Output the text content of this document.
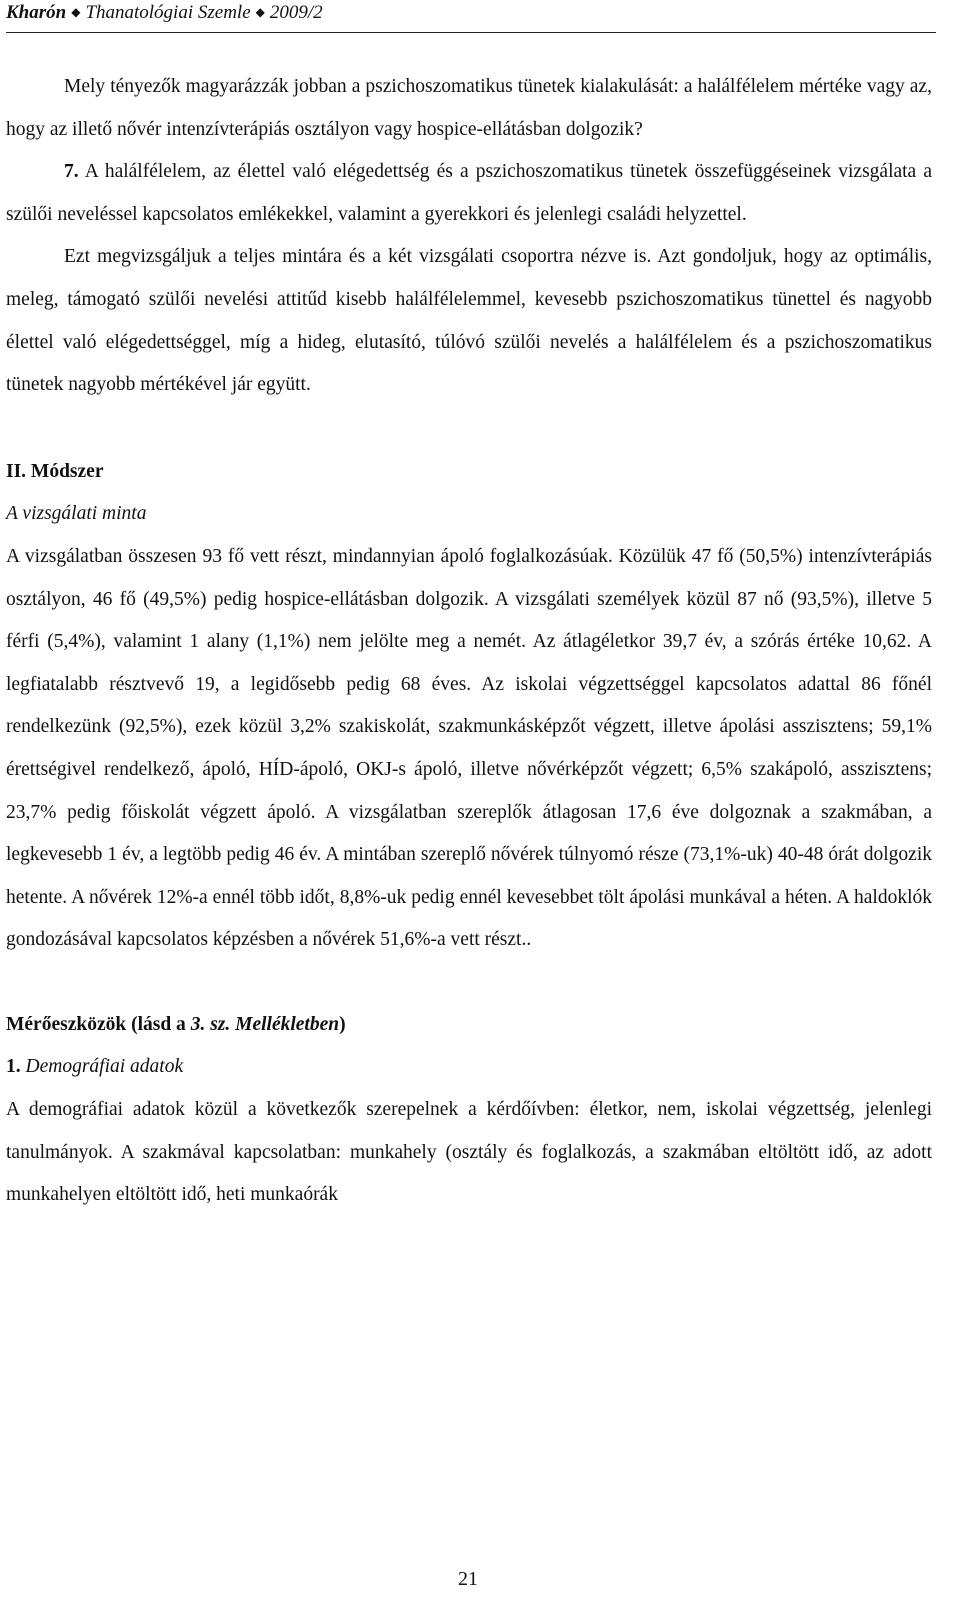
Kharón ◆ Thanatológiai Szemle ◆ 2009/2

Mely tényezők magyarázzák jobban a pszichoszomatikus tünetek kialakulását: a halálfélelem mértéke vagy az, hogy az illető nővér intenzívterápiás osztályon vagy hospice-ellátásban dolgozik?

7. A halálfélelem, az élettel való elégedettség és a pszichoszomatikus tünetek összefüggéseinek vizsgálata a szülői neveléssel kapcsolatos emlékekkel, valamint a gyerekkori és jelenlegi családi helyzettel.

Ezt megvizsgáljuk a teljes mintára és a két vizsgálati csoportra nézve is. Azt gondoljuk, hogy az optimális, meleg, támogató szülői nevelési attitűd kisebb halálfélelemmel, kevesebb pszichoszomatikus tünettel és nagyobb élettel való elégedettséggel, míg a hideg, elutasító, túlóvó szülői nevelés a halálfélelem és a pszichoszomatikus tünetek nagyobb mértékével jár együtt.

II. Módszer

A vizsgálati minta

A vizsgálatban összesen 93 fő vett részt, mindannyian ápoló foglalkozásúak. Közülük 47 fő (50,5%) intenzívterápiás osztályon, 46 fő (49,5%) pedig hospice-ellátásban dolgozik. A vizsgálati személyek közül 87 nő (93,5%), illetve 5 férfi (5,4%), valamint 1 alany (1,1%) nem jelölte meg a nemét. Az átlagéletkor 39,7 év, a szórás értéke 10,62. A legfiatalabb résztvevő 19, a legidősebb pedig 68 éves. Az iskolai végzettséggel kapcsolatos adattal 86 főnél rendelkezünk (92,5%), ezek közül 3,2% szakiskolát, szakmunkásképzőt végzett, illetve ápolási asszisztens; 59,1% érettségivel rendelkező, ápoló, HÍD-ápoló, OKJ-s ápoló, illetve nővérképzőt végzett; 6,5% szakápoló, asszisztens; 23,7% pedig főiskolát végzett ápoló. A vizsgálatban szereplők átlagosan 17,6 éve dolgoznak a szakmában, a legkevesebb 1 év, a legtöbb pedig 46 év. A mintában szereplő nővérek túlnyomó része (73,1%-uk) 40-48 órát dolgozik hetente. A nővérek 12%-a ennél több időt, 8,8%-uk pedig ennél kevesebbet tölt ápolási munkával a héten. A haldoklók gondozásával kapcsolatos képzésben a nővérek 51,6%-a vett részt..

Mérőeszközök (lásd a 3. sz. Mellékletben)

1. Demográfiai adatok

A demográfiai adatok közül a következők szerepelnek a kérdőívben: életkor, nem, iskolai végzettség, jelenlegi tanulmányok. A szakmával kapcsolatban: munkahely (osztály és foglalkozás, a szakmában eltöltött idő, az adott munkahelyen eltöltött idő, heti munkaórák

21
